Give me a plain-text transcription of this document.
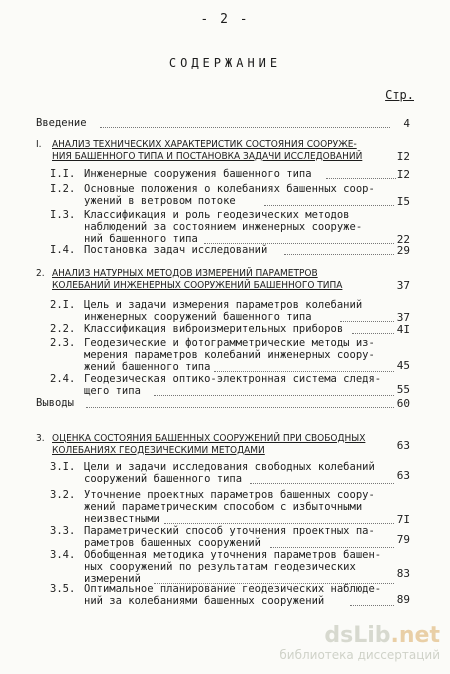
- 2 -
СОДЕРЖАНИЕ
Стр.
Введение	4
I. АНАЛИЗ ТЕХНИЧЕСКИХ ХАРАКТЕРИСТИК СОСТОЯНИЯ СООРУЖЕ-
НИЯ БАШЕННОГО ТИПА И ПОСТАНОВКА ЗАДАЧИ ИССЛЕДОВАНИЙ	I2
I.I. Инженерные сооружения башенного типа	I2
I.2. Основные положения о колебаниях башенных соор-
ужений в ветровом потоке	I5
I.3. Классификация и роль геодезических методов
наблюдений за состоянием инженерных сооруже-
ний башенного типа	22
I.4. Постановка задач исследований	29
2. АНАЛИЗ НАТУРНЫХ МЕТОДОВ ИЗМЕРЕНИЙ ПАРАМЕТРОВ
КОЛЕБАНИЙ ИНЖЕНЕРНЫХ СООРУЖЕНИЙ БАШЕННОГО ТИПА	37
2.I. Цель и задачи измерения параметров колебаний
инженерных сооружений башенного типа	37
2.2. Классификация виброизмерительных приборов	4I
2.3. Геодезические и фотограмметрические методы из-
мерения параметров колебаний инженерных соору-
жений башенного типа	45
2.4. Геодезическая оптико-электронная система следя-
щего типа	55
Выводы	60
3. ОЦЕНКА СОСТОЯНИЯ БАШЕННЫХ СООРУЖЕНИЙ ПРИ СВОБОДНЫХ
КОЛЕБАНИЯХ ГЕОДЕЗИЧЕСКИМИ МЕТОДАМИ	63
3.I. Цели и задачи исследования свободных колебаний
сооружений башенного типа	63
3.2. Уточнение проектных параметров башенных соору-
жений параметрическим способом с избыточными
неизвестными	7I
3.3. Параметрический способ уточнения проектных па-
раметров башенных сооружений	79
3.4. Обобщенная методика уточнения параметров башен-
ных сооружений по результатам геодезических
измерений	83
3.5. Оптимальное планирование геодезических наблюде-
ний за колебаниями башенных сооружений	89
dsLib.net
библиотека диссертаций
